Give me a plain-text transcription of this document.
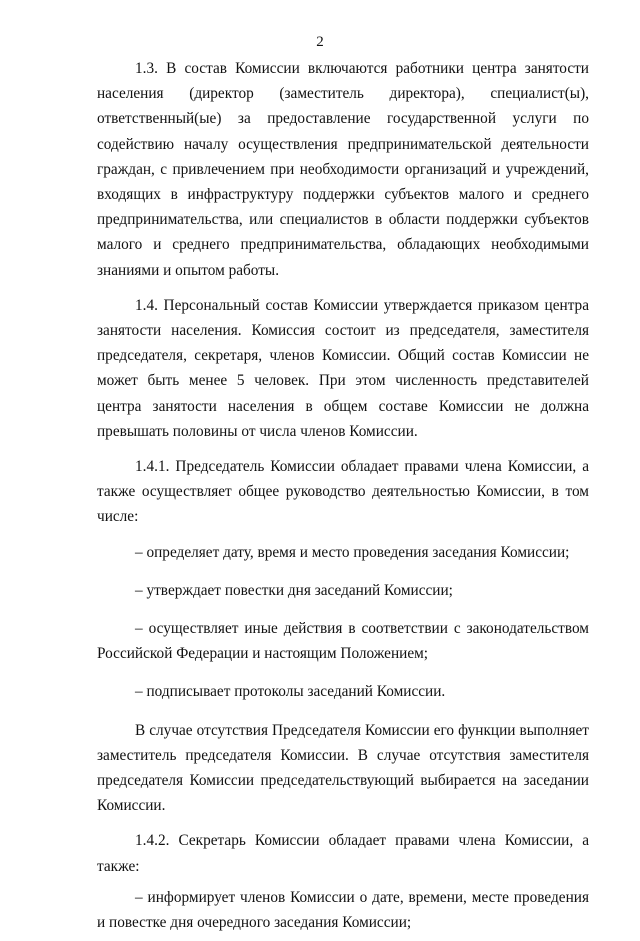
2

1.3. В состав Комиссии включаются работники центра занятости населения (директор (заместитель директора), специалист(ы), ответственный(ые) за предоставление государственной услуги по содействию началу осуществления предпринимательской деятельности граждан, с привлечением при необходимости организаций и учреждений, входящих в инфраструктуру поддержки субъектов малого и среднего предпринимательства, или специалистов в области поддержки субъектов малого и среднего предпринимательства, обладающих необходимыми знаниями и опытом работы.

1.4. Персональный состав Комиссии утверждается приказом центра занятости населения. Комиссия состоит из председателя, заместителя председателя, секретаря, членов Комиссии. Общий состав Комиссии не может быть менее 5 человек. При этом численность представителей центра занятости населения в общем составе Комиссии не должна превышать половины от числа членов Комиссии.

1.4.1. Председатель Комиссии обладает правами члена Комиссии, а также осуществляет общее руководство деятельностью Комиссии, в том числе:

– определяет дату, время и место проведения заседания Комиссии;

– утверждает повестки дня заседаний Комиссии;

– осуществляет иные действия в соответствии с законодательством Российской Федерации и настоящим Положением;

– подписывает протоколы заседаний Комиссии.

В случае отсутствия Председателя Комиссии его функции выполняет заместитель председателя Комиссии. В случае отсутствия заместителя председателя Комиссии председательствующий выбирается на заседании Комиссии.

1.4.2. Секретарь Комиссии обладает правами члена Комиссии, а также:

– информирует членов Комиссии о дате, времени, месте проведения и повестке дня очередного заседания Комиссии;
